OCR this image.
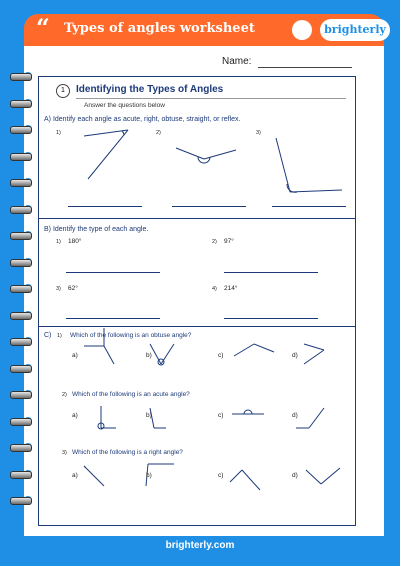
“ Types of angles worksheet	brighterly
Name:
1	Identifying the Types of Angles
Answer the questions below
A) Identify each angle as acute, right, obtuse, straight, or reflex.
1)	2)	3)
B) Identify the type of each angle.
1) 180°	2) 97°
3) 62°	4) 214°
C) 1) Which of the following is an obtuse angle?
a)	b)	c)	d)
2) Which of the following is an acute angle?
a)	b)	c)	d)
3) Which of the following is a right angle?
a)	b)	c)	d)
brighterly.com
